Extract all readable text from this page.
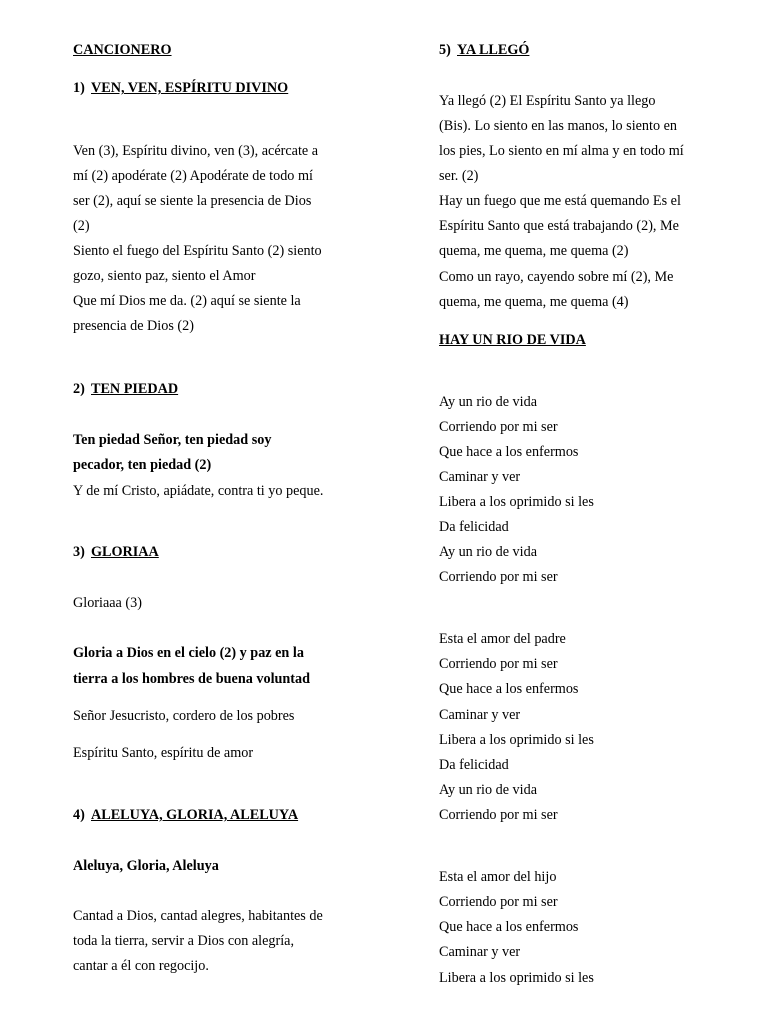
CANCIONERO
1) VEN, VEN, ESPÍRITU DIVINO
Ven (3), Espíritu divino, ven (3), acércate a
mí (2) apodérate (2) Apodérate de todo mí
ser (2), aquí se siente la presencia de Dios
(2)
Siento el fuego del Espíritu Santo (2) siento
gozo, siento paz, siento el Amor
Que mí Dios me da. (2) aquí se siente la
presencia de Dios (2)
2) TEN PIEDAD
Ten piedad Señor, ten piedad soy
pecador, ten piedad (2)
Y de mí Cristo, apiádate, contra ti yo peque.
3) GLORIAA
Gloriaaa (3)
Gloria a Dios en el cielo (2) y paz en la
tierra a los hombres de buena voluntad
Señor Jesucristo, cordero de los pobres
Espíritu Santo, espíritu de amor
4) ALELUYA, GLORIA, ALELUYA
Aleluya, Gloria, Aleluya
Cantad a Dios, cantad alegres, habitantes de
toda la tierra, servir a Dios con alegría,
cantar a él con regocijo.
5) YA LLEGÓ
Ya llegó (2) El Espíritu Santo ya llego
(Bis). Lo siento en las manos, lo siento en
los pies, Lo siento en mí alma y en todo mí
ser. (2)
Hay un fuego que me está quemando Es el
Espíritu Santo que está trabajando (2), Me
quema, me quema, me quema (2)
Como un rayo, cayendo sobre mí (2), Me
quema, me quema, me quema (4)
HAY UN RIO DE VIDA
Ay un rio de vida
Corriendo por mi ser
Que hace a los enfermos
Caminar y ver
Libera a los oprimido si les
Da felicidad
Ay un rio de vida
Corriendo por mi ser
Esta el amor del padre
Corriendo por mi ser
Que hace a los enfermos
Caminar y ver
Libera a los oprimido si les
Da felicidad
Ay un rio de vida
Corriendo por mi ser
Esta el amor del hijo
Corriendo por mi ser
Que hace a los enfermos
Caminar y ver
Libera a los oprimido si les
